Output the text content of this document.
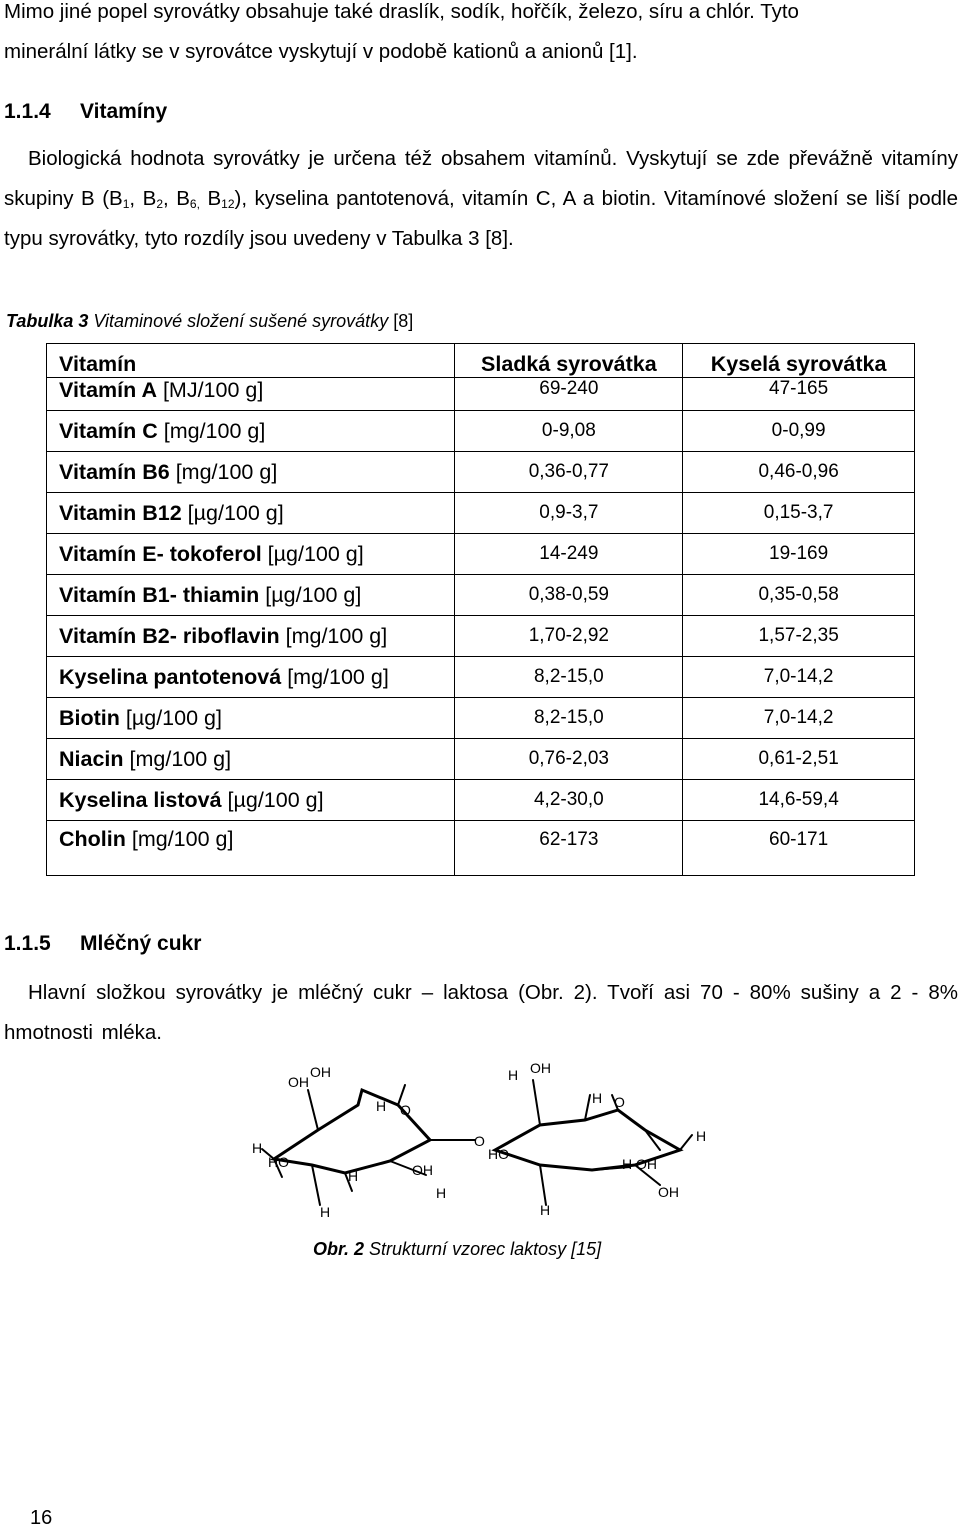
Mimo jiné popel syrovátky obsahuje také draslík, sodík, hořčík, železo, síru a chlór. Tyto
minerální látky se v syrovátce vyskytují v podobě kationů a anionů [1].

1.1.4 Vitamíny

Biologická hodnota syrovátky je určena též obsahem vitamínů. Vyskytují se zde převážně vitamíny skupiny B ($B_1$, $B_2$, $B_{6,}$ $B_{12}$), kyselina pantotenová, vitamín C, A a biotin. Vitamínové složení se liší podle typu syrovátky, tyto rozdíly jsou uvedeny v Tabulka 3 [8].

Tabulka 3 Vitaminové složení sušené syrovátky [8]

Vitamín	Sladká syrovátka	Kyselá syrovátka
Vitamín A [MJ/100 g]	69-240	47-165
Vitamín C [mg/100 g]	0-9,08	0-0,99
Vitamín B6 [mg/100 g]	0,36-0,77	0,46-0,96
Vitamin B12 [µg/100 g]	0,9-3,7	0,15-3,7
Vitamín E- tokoferol [µg/100 g]	14-249	19-169
Vitamín B1- thiamin [µg/100 g]	0,38-0,59	0,35-0,58
Vitamín B2- riboflavin [mg/100 g]	1,70-2,92	1,57-2,35
Kyselina pantotenová [mg/100 g]	8,2-15,0	7,0-14,2
Biotin [µg/100 g]	8,2-15,0	7,0-14,2
Niacin [mg/100 g]	0,76-2,03	0,61-2,51
Kyselina listová [µg/100 g]	4,2-30,0	14,6-59,4
Cholin [mg/100 g]	62-173	60-171
1.1.5 Mléčný cukr

Hlavní složkou syrovátky je mléčný cukr – laktosa (Obr. 2). Tvoří asi 70 - 80% sušiny a 2 - 8% hmotnosti mléka.

OH
OH
H
HO
H O
H	OH
H
H
O
H OH
HO
H O
H OH
H
OH
H

Obr. 2 Strukturní vzorec laktosy [15]

16
